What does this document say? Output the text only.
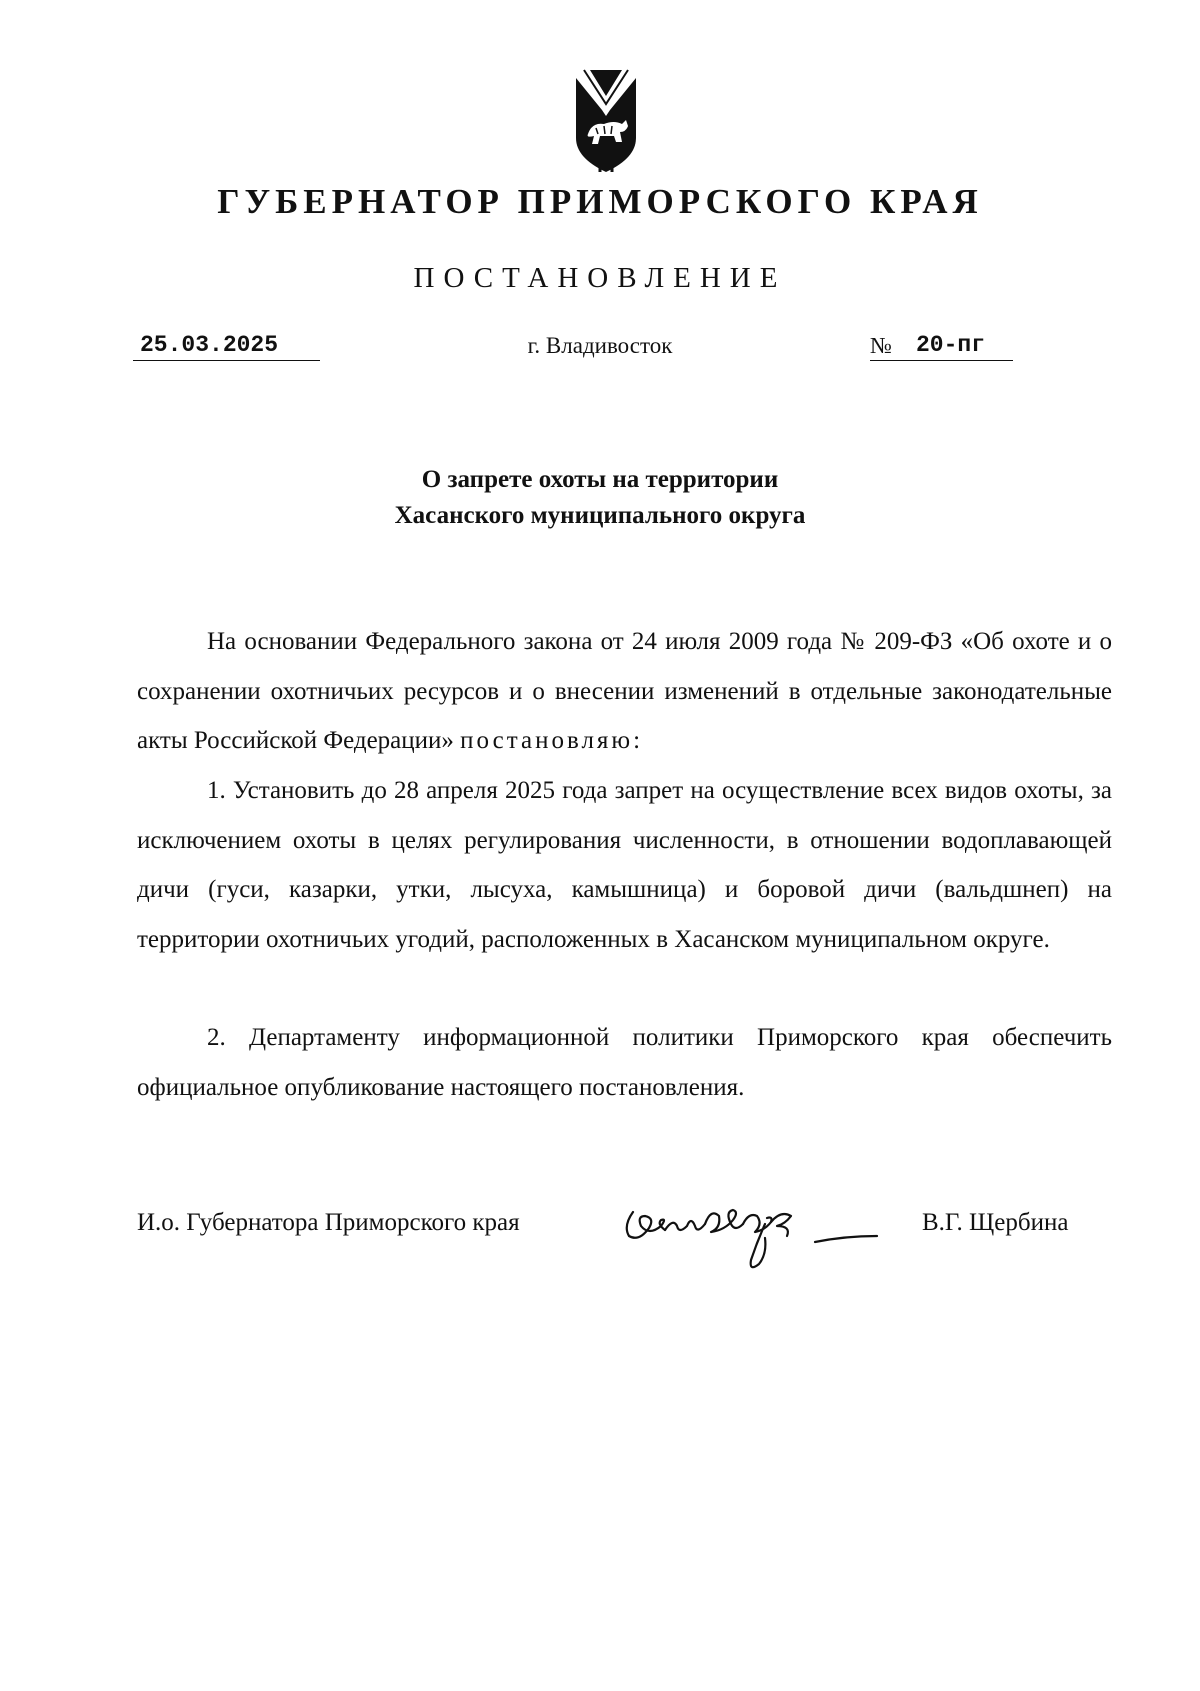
ГУБЕРНАТОР ПРИМОРСКОГО КРАЯ
ПОСТАНОВЛЕНИЕ
25.03.2025	г. Владивосток	№ 20-пг
О запрете охоты на территории
Хасанского муниципального округа
На основании Федерального закона от 24 июля 2009 года № 209-ФЗ «Об охоте и о сохранении охотничьих ресурсов и о внесении изменений в отдельные законодательные акты Российской Федерации» постановляю:
1. Установить до 28 апреля 2025 года запрет на осуществление всех видов охоты, за исключением охоты в целях регулирования численности, в отношении водоплавающей дичи (гуси, казарки, утки, лысуха, камышница) и боровой дичи (вальдшнеп) на территории охотничьих угодий, расположенных в Хасанском муниципальном округе.
2. Департаменту информационной политики Приморского края обеспечить официальное опубликование настоящего постановления.
И.о. Губернатора Приморского края	В.Г. Щербина
